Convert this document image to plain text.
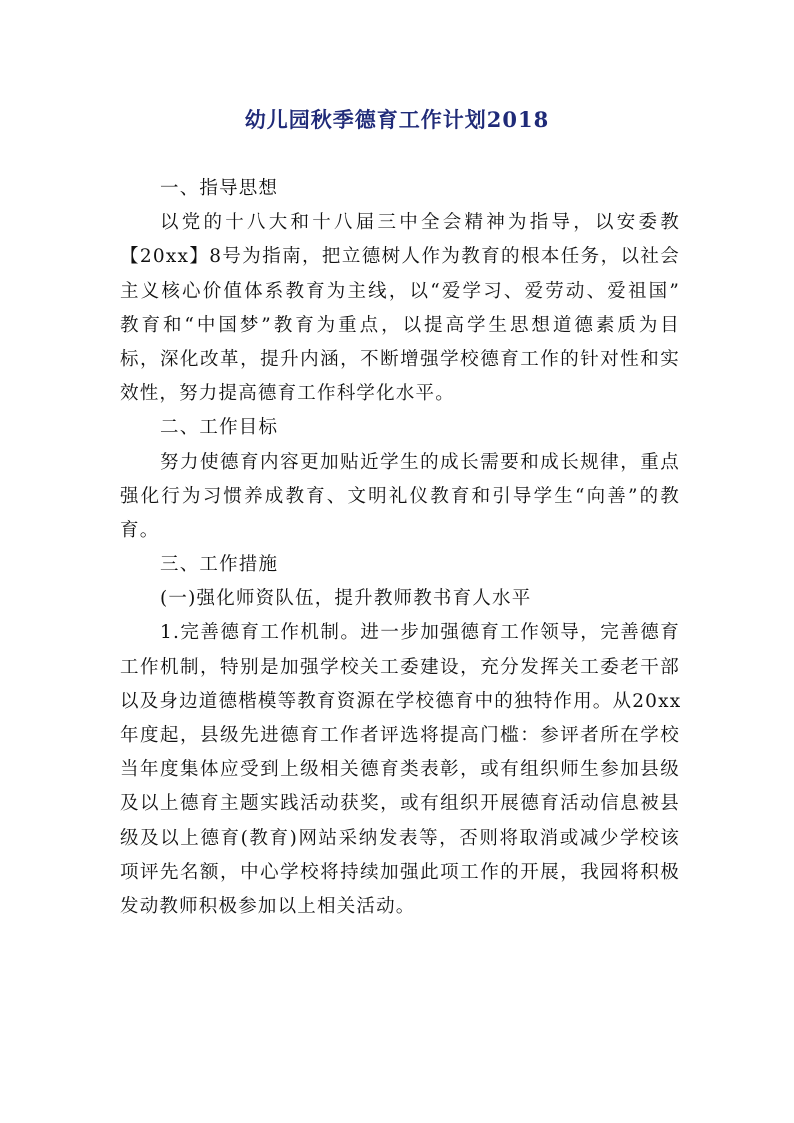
幼儿园秋季德育工作计划2018
一、指导思想
以党的十八大和十八届三中全会精神为指导，以安委教
【20xx】8号为指南，把立德树人作为教育的根本任务，以社会
主义核心价值体系教育为主线，以“爱学习、爱劳动、爱祖国”
教育和“中国梦”教育为重点，以提高学生思想道德素质为目
标，深化改革，提升内涵，不断增强学校德育工作的针对性和实
效性，努力提高德育工作科学化水平。
二、工作目标
努力使德育内容更加贴近学生的成长需要和成长规律，重点
强化行为习惯养成教育、文明礼仪教育和引导学生“向善”的教
育。
三、工作措施
(一)强化师资队伍，提升教师教书育人水平
1.完善德育工作机制。进一步加强德育工作领导，完善德育
工作机制，特别是加强学校关工委建设，充分发挥关工委老干部
以及身边道德楷模等教育资源在学校德育中的独特作用。从20xx
年度起，县级先进德育工作者评选将提高门槛：参评者所在学校
当年度集体应受到上级相关德育类表彰，或有组织师生参加县级
及以上德育主题实践活动获奖，或有组织开展德育活动信息被县
级及以上德育(教育)网站采纳发表等，否则将取消或减少学校该
项评先名额，中心学校将持续加强此项工作的开展，我园将积极
发动教师积极参加以上相关活动。
